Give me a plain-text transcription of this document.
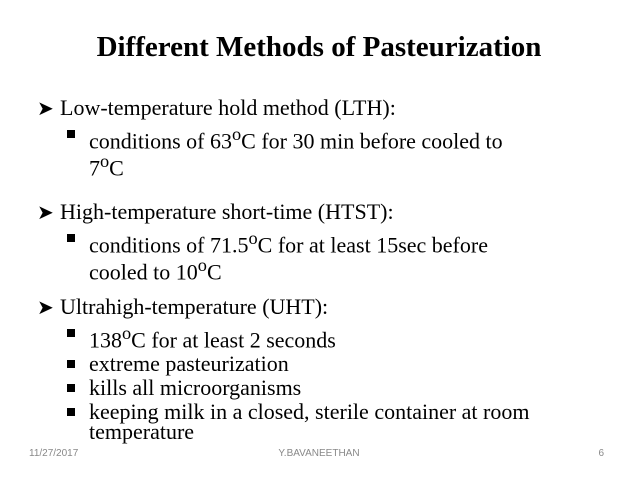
Different Methods of Pasteurization
➤ Low-temperature hold method (LTH):
conditions of 63$^o$C for 30 min before cooled to
7$^o$C
➤ High-temperature short-time (HTST):
conditions of 71.5$^o$C for at least 15sec before
cooled to 10$^o$C
➤ Ultrahigh-temperature (UHT):
138$^o$C for at least 2 seconds
extreme pasteurization
kills all microorganisms
keeping milk in a closed, sterile container at room temperature
11/27/2017	Y.BAVANEETHAN	6
